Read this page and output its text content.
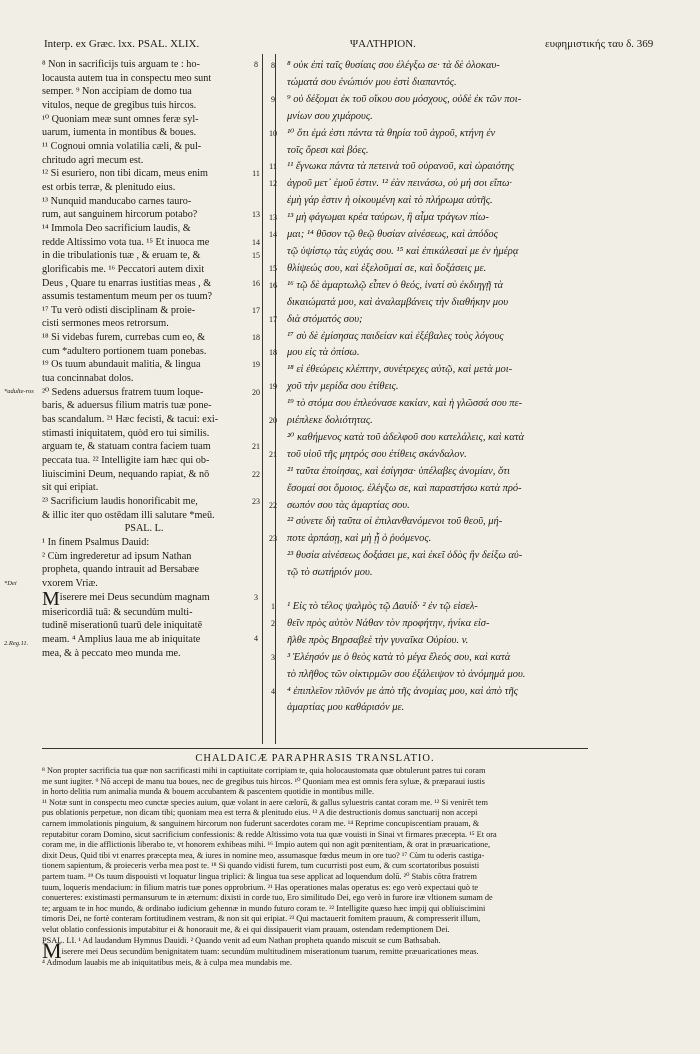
Interp. ex Græc. lxx. PSAL. XLIX.	ΨΑΛΤΗΡΙΟΝ.	ευφημιστικής ταυ δ. 369
⁸ Non in sacrificijs tuis arguam te : ho-
locausta autem tua in conspectu meo sunt
semper. ⁹ Non accipiam de domo tua
vitulos, neque de gregibus tuis hircos.
¹⁰ Quoniam meæ sunt omnes feræ syl-
uarum, iumenta in montibus & boues.
¹¹ Cognoui omnia volatilia cæli, & pul-
chritudo agri mecum est.
¹² Si esuriero, non tibi dicam, meus enim
est orbis terræ, & plenitudo eius.
¹³ Nunquid manducabo carnes tauro-
rum, aut sanguinem hircorum potabo?
¹⁴ Immola Deo sacrificium laudis, &
redde Altissimo vota tua. ¹⁵ Et inuoca me
in die tribulationis tuæ , & eruam te, &
glorificabis me. ¹⁶ Peccatori autem dixit
Deus , Quare tu enarras iustitias meas , &
assumis testamentum meum per os tuum?
¹⁷ Tu verò odisti disciplinam & proie-
cisti sermones meos retrorsum.
¹⁸ Si videbas furem, currebas cum eo, &
cum *adultero portionem tuam ponebas.
¹⁹ Os tuum abundauit malitia, & lingua
tua concinnabat dolos.
²⁰ Sedens aduersus fratrem tuum loque-
baris, & aduersus filium matris tuæ pone-
bas scandalum. ²¹ Hæc fecisti, & tacui: exi-
stimasti iniquitatem, quòd ero tui similis.
arguam te, & statuam contra faciem tuam
peccata tua. ²² Intelligite iam hæc qui ob-
liuiscimini Deum, nequando rapiat, & nō
sit qui eripiat.
²³ Sacrificium laudis honorificabit me,
& illic iter quo ostēdam illi salutare *meū.
PSAL. L.
¹ In finem Psalmus Dauid:
² Cùm ingrederetur ad ipsum Nathan
propheta, quando intrauit ad Bersabæe
vxorem Vriæ.
Miserere mei Deus secundùm magnam
misericordiā tuā: & secundùm multi-
tudinē miserationū tuarū dele iniquitatē
meam. ⁴ Amplius laua me ab iniquitate
mea, & à peccato meo munda me.
8

11

13

14
15

16

17

18

19

20

21

22

23

3

4

8

9

10

11
12

13
14

15
16

17

18

19

20

21

22

23

1
2

3

4

⁸ οὐκ ἐπὶ ταῖς θυσίαις σου ἐλέγξω σε· τὰ δὲ ὁλοκαυ-
τώματά σου ἐνώπιόν μου ἐστὶ διαπαντός.
⁹ οὐ δέξομαι ἐκ τοῦ οἴκου σου μόσχους, οὐδὲ ἐκ τῶν ποι-
μνίων σου χιμάρους.
¹⁰ ὅτι ἐμά ἐστι πάντα τὰ θηρία τοῦ ἀγροῦ, κτήνη ἐν
τοῖς ὄρεσι καὶ βόες.
¹¹ ἔγνωκα πάντα τὰ πετεινὰ τοῦ οὐρανοῦ, καὶ ὡραιότης
ἀγροῦ μετ᾽ ἐμοῦ ἐστιν. ¹² ἐὰν πεινάσω, οὐ μή σοι εἴπω·
ἐμὴ γάρ ἐστιν ἡ οἰκουμένη καὶ τὸ πλήρωμα αὐτῆς.
¹³ μὴ φάγωμαι κρέα ταύρων, ἢ αἷμα τράγων πίω-
μαι; ¹⁴ θῦσον τῷ θεῷ θυσίαν αἰνέσεως, καὶ ἀπόδος
τῷ ὑψίστῳ τὰς εὐχάς σου. ¹⁵ καὶ ἐπικάλεσαί με ἐν ἡμέρᾳ
θλίψεώς σου, καὶ ἐξελοῦμαί σε, καὶ δοξάσεις με.
¹⁶ τῷ δὲ ἁμαρτωλῷ εἶπεν ὁ θεός, ἱνατί σὺ ἐκδιηγῇ τὰ
δικαιώματά μου, καὶ ἀναλαμβάνεις τὴν διαθήκην μου
διὰ στόματός σου;
¹⁷ σὺ δὲ ἐμίσησας παιδείαν καὶ ἐξέβαλες τοὺς λόγους
μου εἰς τὰ ὀπίσω.
¹⁸ εἰ ἐθεώρεις κλέπτην, συνέτρεχες αὐτῷ, καὶ μετὰ μοι-
χοῦ τὴν μερίδα σου ἐτίθεις.
¹⁹ τὸ στόμα σου ἐπλεόνασε κακίαν, καὶ ἡ γλῶσσά σου πε-
ριέπλεκε δολιότητας.
²⁰ καθήμενος κατὰ τοῦ ἀδελφοῦ σου κατελάλεις, καὶ κατὰ
τοῦ υἱοῦ τῆς μητρός σου ἐτίθεις σκάνδαλον.
²¹ ταῦτα ἐποίησας, καὶ ἐσίγησα· ὑπέλαβες ἀνομίαν, ὅτι
ἔσομαί σοι ὅμοιος. ἐλέγξω σε, καὶ παραστήσω κατὰ πρό-
σωπόν σου τὰς ἁμαρτίας σου.
²² σύνετε δὴ ταῦτα οἱ ἐπιλανθανόμενοι τοῦ θεοῦ, μή-
ποτε ἁρπάσῃ, καὶ μὴ ᾖ ὁ ῥυόμενος.
²³ θυσία αἰνέσεως δοξάσει με, καὶ ἐκεῖ ὁδὸς ἣν δείξω αὐ-
τῷ τὸ σωτήριόν μου.

¹ Εἰς τὸ τέλος ψαλμὸς τῷ Δαυίδ· ² ἐν τῷ εἰσελ-
θεῖν πρὸς αὐτὸν Νάθαν τὸν προφήτην, ἡνίκα εἰσ-
ῆλθε πρὸς Βηρσαβεὲ τὴν γυναῖκα Οὐρίου. v.
³ Ἐλέησόν με ὁ θεὸς κατὰ τὸ μέγα ἔλεός σου, καὶ κατὰ
τὸ πλῆθος τῶν οἰκτιρμῶν σου ἐξάλειψον τὸ ἀνόμημά μου.
⁴ ἐπιπλεῖον πλῦνόν με ἀπὸ τῆς ἀνομίας μου, καὶ ἀπὸ τῆς
ἁμαρτίας μου καθάρισόν με.
*adulte-ros
*Dei
2.Reg.11.
CHALDAICÆ PARAPHRASIS TRANSLATIO.
⁸ Non propter sacrificia tua quæ non sacrificasti mihi in captiuitate corripiam te, quia holocaustomata quæ obtulerunt patres tui coram
me sunt iugiter. ⁹ Nō accepi de manu tua boues, nec de gregibus tuis hircos. ¹⁰ Quoniam mea est omnis fera syluæ, & præparaui iustis
in horto delitia rum animalia munda & bouem accubantem & pascentem quotidie in montibus mille.
¹¹ Notæ sunt in conspectu meo cunctæ species auium, quæ volant in aere cælorū, & gallus syluestris cantat coram me. ¹² Si venirēt tem
pus oblationis perpetuæ, non dicam tibi; quoniam mea est terra & plenitudo eius. ¹³ A die destructionis domus sanctuarij non accepi
carnem immolationis pinguium, & sanguinem hircorum non fuderunt sacerdotes coram me. ¹⁴ Reprime concupiscentiam prauam, &
reputabitur coram Domino, sicut sacrificium confessionis: & redde Altissimo vota tua quæ vouisti in Sinai vt firmares præcepta. ¹⁵ Et ora
coram me, in die afflictionis liberabo te, vt honorem exhibeas mihi. ¹⁶ Impio autem qui non agit pœnitentiam, & orat in præuaricatione,
dixit Deus, Quid tibi vt enarres præcepta mea, & iures in nomine meo, assumasque fœdus meum in ore tuo? ¹⁷ Cùm tu oderis castiga-
tionem sapientum, & proieceris verba mea post te. ¹⁸ Si quando vidisti furem, tum cucurristi post eum, & cum scortatoribus posuisti
partem tuam. ¹⁹ Os tuum dispouisti vt loquatur lingua triplici: & lingua tua sese applicat ad loquendum dolū. ²⁰ Stabis cōtra fratrem
tuum, loqueris mendacium: in filium matris tuæ pones opprobrium. ²¹ Has operationes malas operatus es: ego verò expectaui quò te
conuerteres: existimasti permansurum te in æternum: dixisti in corde tuo, Ero similitudo Dei, ego verò in furore iræ vltionem sumam de
te; arguam te in hoc mundo, & ordinabo iudicium gehennæ in mundo futuro coram te. ²² Intelligite quæso hæc impij qui obliuiscimini
timoris Dei, ne fortè conteram fortitudinem vestram, & non sit qui eripiat. ²³ Qui mactauerit fomitem prauum, & compresserit illum,
velut oblatio confessionis imputabitur ei & honorauit me, & ei qui dissipauerit viam prauam, ostendam redemptionem Dei.
PSAL. LI. ¹ Ad laudandum Hymnus Dauidi. ² Quando venit ad eum Nathan propheta quando miscuit se cum Bathsabah.
Miserere mei Deus secundùm benignitatem tuam: secundùm multitudinem miserationum tuarum, remitte præuaricationes meas.
⁴ Admodum lauabis me ab iniquitatibus meis, & à culpa mea mundabis me.
